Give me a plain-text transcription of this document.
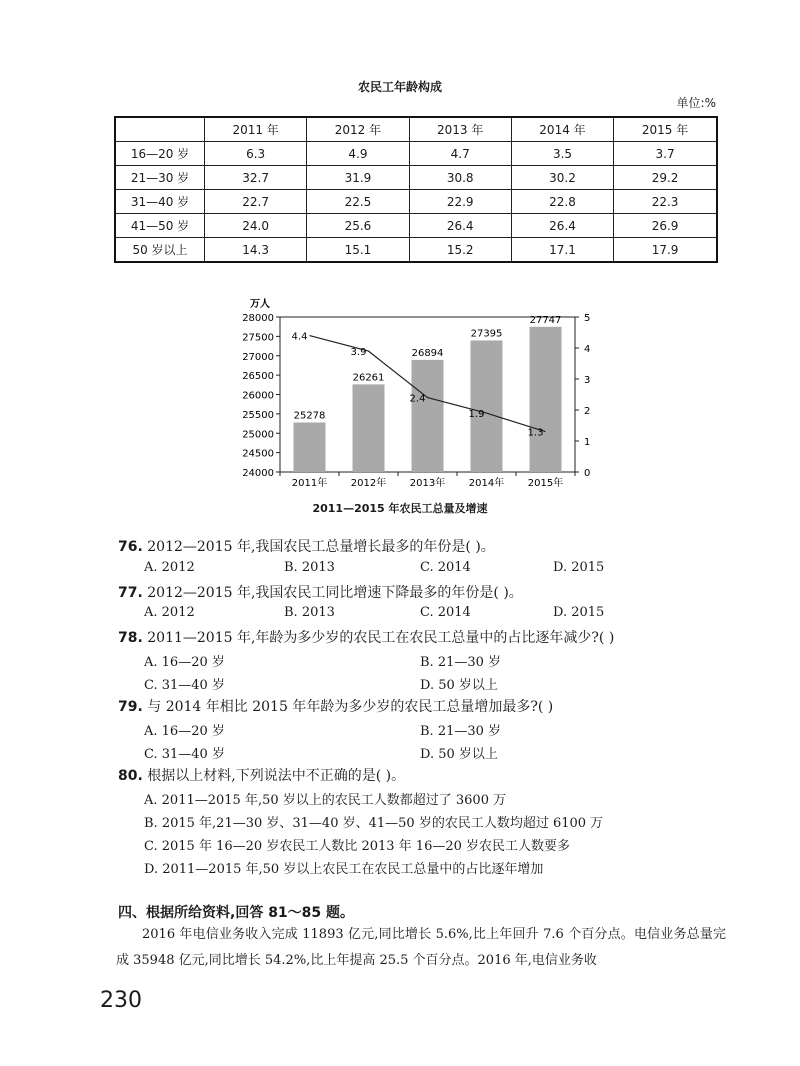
农民工年龄构成
单位:%
	2011 年	2012 年	2013 年	2014 年	2015 年
16—20 岁	6.3	4.9	4.7	3.5	3.7
21—30 岁	32.7	31.9	30.8	30.2	29.2
31—40 岁	22.7	22.5	22.9	22.8	22.3
41—50 岁	24.0	25.6	26.4	26.4	26.9
50 岁以上	14.3	15.1	15.2	17.1	17.9
24000
24500
25000
25500
26000
26500
27000
27500
28000
0
1
2
3
4
5
万人
25278
2011年
26261
2012年
26894
2013年
27395
2014年
27747
2015年
4.4
3.9
2.4
1.9
1.3
2011—2015 年农民工总量及增速
76. 2012—2015 年,我国农民工总量增长最多的年份是( )。
A. 2012	B. 2013	C. 2014	D. 2015
77. 2012—2015 年,我国农民工同比增速下降最多的年份是( )。
A. 2012	B. 2013	C. 2014	D. 2015
78. 2011—2015 年,年龄为多少岁的农民工在农民工总量中的占比逐年减少?( )
A. 16—20 岁	B. 21—30 岁
C. 31—40 岁	D. 50 岁以上
79. 与 2014 年相比 2015 年年龄为多少岁的农民工总量增加最多?( )
A. 16—20 岁	B. 21—30 岁
C. 31—40 岁	D. 50 岁以上
80. 根据以上材料,下列说法中不正确的是( )。
A. 2011—2015 年,50 岁以上的农民工人数都超过了 3600 万
B. 2015 年,21—30 岁、31—40 岁、41—50 岁的农民工人数均超过 6100 万
C. 2015 年 16—20 岁农民工人数比 2013 年 16—20 岁农民工人数要多
D. 2011—2015 年,50 岁以上农民工在农民工总量中的占比逐年增加
四、根据所给资料,回答 81～85 题。
2016 年电信业务收入完成 11893 亿元,同比增长 5.6%,比上年回升 7.6 个百分点。电信业务总量完成 35948 亿元,同比增长 54.2%,比上年提高 25.5 个百分点。2016 年,电信业务收
230
